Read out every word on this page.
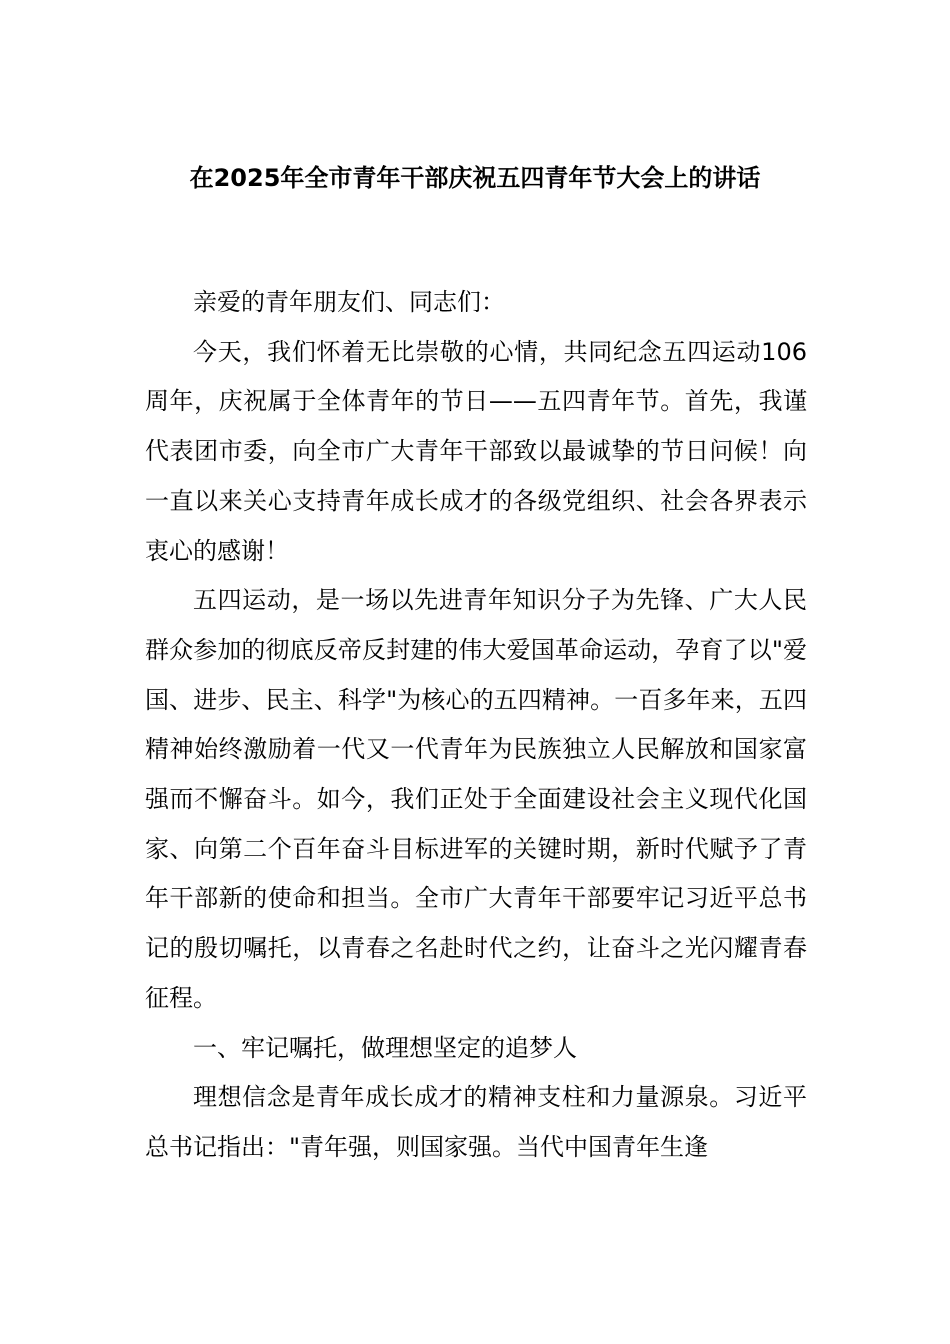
在2025年全市青年干部庆祝五四青年节大会上的讲话

亲爱的青年朋友们、同志们：

今天，我们怀着无比崇敬的心情，共同纪念五四运动106周年，庆祝属于全体青年的节日——五四青年节。首先，我谨代表团市委，向全市广大青年干部致以最诚挚的节日问候！向一直以来关心支持青年成长成才的各级党组织、社会各界表示衷心的感谢！

五四运动，是一场以先进青年知识分子为先锋、广大人民群众参加的彻底反帝反封建的伟大爱国革命运动，孕育了以"爱国、进步、民主、科学"为核心的五四精神。一百多年来，五四精神始终激励着一代又一代青年为民族独立人民解放和国家富强而不懈奋斗。如今，我们正处于全面建设社会主义现代化国家、向第二个百年奋斗目标进军的关键时期，新时代赋予了青年干部新的使命和担当。全市广大青年干部要牢记习近平总书记的殷切嘱托，以青春之名赴时代之约，让奋斗之光闪耀青春征程。

一、牢记嘱托，做理想坚定的追梦人

理想信念是青年成长成才的精神支柱和力量源泉。习近平总书记指出："青年强，则国家强。当代中国青年生逢
